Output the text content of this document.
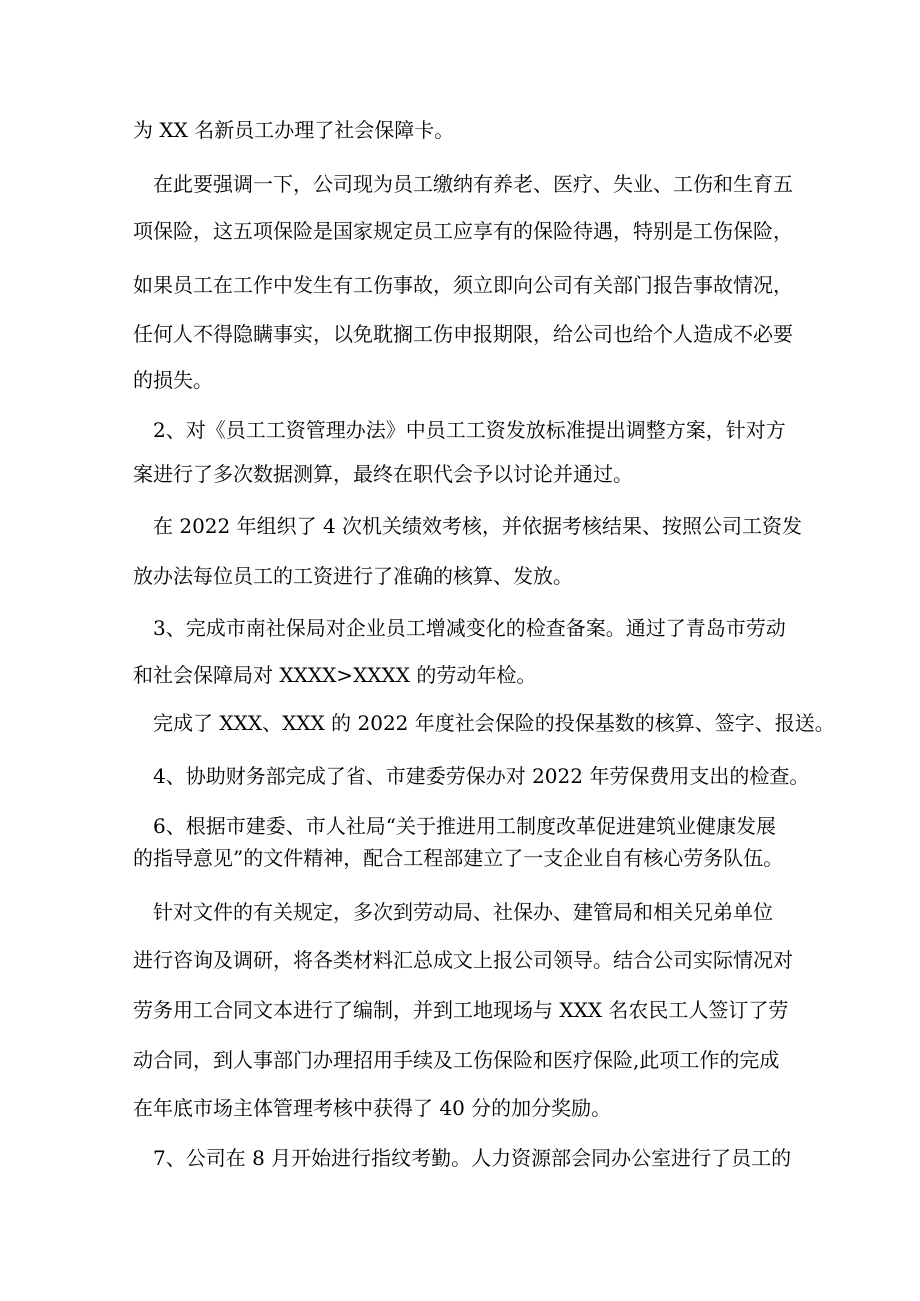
为 XX 名新员工办理了社会保障卡。
在此要强调一下，公司现为员工缴纳有养老、医疗、失业、工伤和生育五
项保险，这五项保险是国家规定员工应享有的保险待遇，特别是工伤保险，
如果员工在工作中发生有工伤事故，须立即向公司有关部门报告事故情况，
任何人不得隐瞒事实，以免耽搁工伤申报期限，给公司也给个人造成不必要
的损失。
2、对《员工工资管理办法》中员工工资发放标准提出调整方案，针对方
案进行了多次数据测算，最终在职代会予以讨论并通过。
在 2022 年组织了 4 次机关绩效考核，并依据考核结果、按照公司工资发
放办法每位员工的工资进行了准确的核算、发放。
3、完成市南社保局对企业员工增减变化的检查备案。通过了青岛市劳动
和社会保障局对 XXXX>XXXX 的劳动年检。
完成了 XXX、XXX 的 2022 年度社会保险的投保基数的核算、签字、报送。
4、协助财务部完成了省、市建委劳保办对 2022 年劳保费用支出的检查。
6、根据市建委、市人社局“关于推进用工制度改革促进建筑业健康发展
的指导意见”的文件精神，配合工程部建立了一支企业自有核心劳务队伍。
针对文件的有关规定，多次到劳动局、社保办、建管局和相关兄弟单位
进行咨询及调研，将各类材料汇总成文上报公司领导。结合公司实际情况对
劳务用工合同文本进行了编制，并到工地现场与 XXX 名农民工人签订了劳
动合同，到人事部门办理招用手续及工伤保险和医疗保险,此项工作的完成
在年底市场主体管理考核中获得了 40 分的加分奖励。
7、公司在 8 月开始进行指纹考勤。人力资源部会同办公室进行了员工的
